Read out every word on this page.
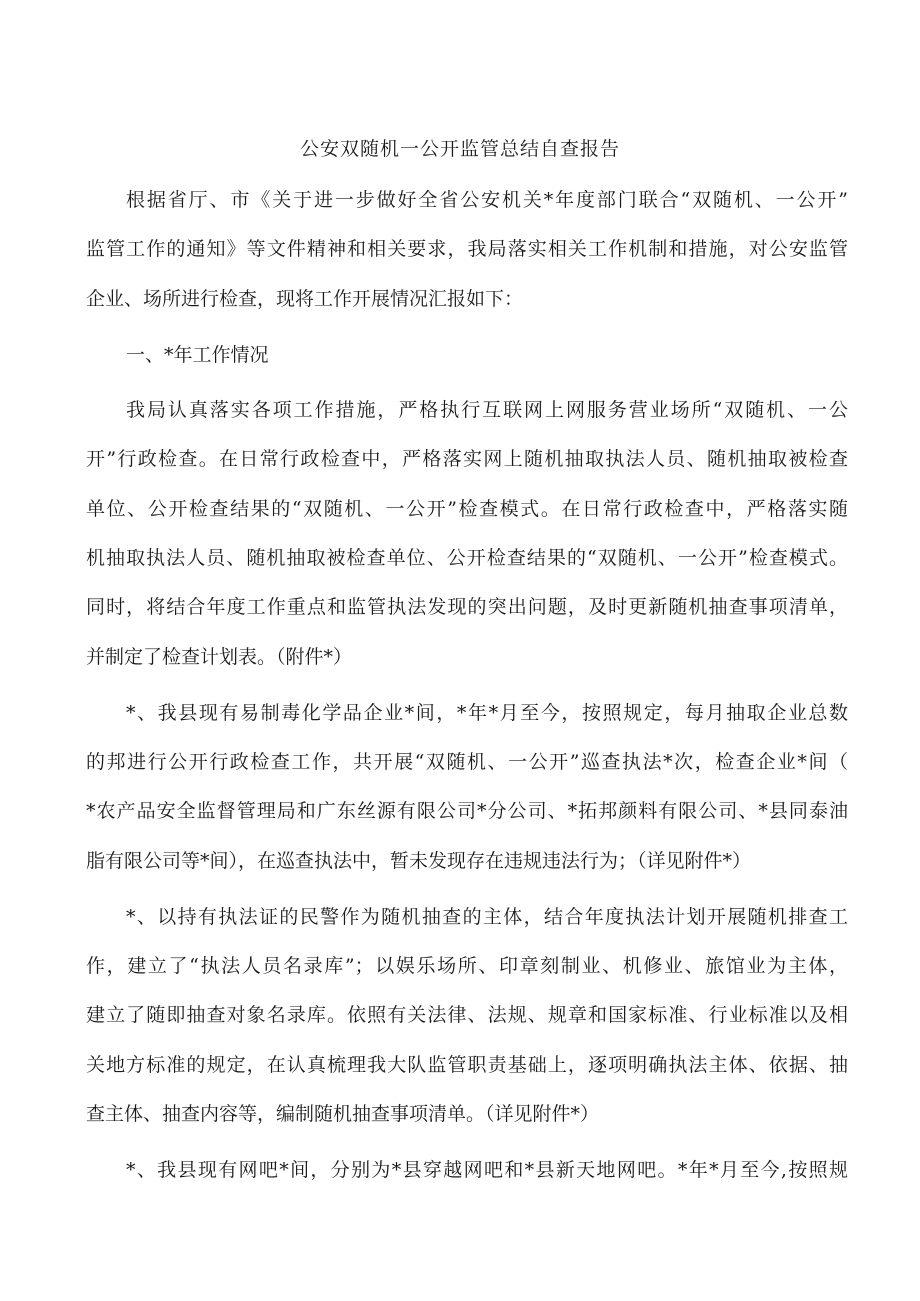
公安双随机一公开监管总结自查报告
根据省厅、市《关于进一步做好全省公安机关*年度部门联合“双随机、一公开”
监管工作的通知》等文件精神和相关要求，我局落实相关工作机制和措施，对公安监管
企业、场所进行检查，现将工作开展情况汇报如下：
一、*年工作情况
我局认真落实各项工作措施，严格执行互联网上网服务营业场所“双随机、一公
开”行政检查。在日常行政检查中，严格落实网上随机抽取执法人员、随机抽取被检查
单位、公开检查结果的“双随机、一公开”检查模式。在日常行政检查中，严格落实随
机抽取执法人员、随机抽取被检查单位、公开检查结果的“双随机、一公开”检查模式。
同时，将结合年度工作重点和监管执法发现的突出问题，及时更新随机抽查事项清单，
并制定了检查计划表。（附件*）
*、我县现有易制毒化学品企业*间，*年*月至今，按照规定，每月抽取企业总数
的邦进行公开行政检查工作，共开展“双随机、一公开”巡查执法*次，检查企业*间（
*农产品安全监督管理局和广东丝源有限公司*分公司、*拓邦颜料有限公司、*县同泰油
脂有限公司等*间），在巡查执法中，暂未发现存在违规违法行为；（详见附件*）
*、以持有执法证的民警作为随机抽查的主体，结合年度执法计划开展随机排查工
作，建立了“执法人员名录库”；以娱乐场所、印章刻制业、机修业、旅馆业为主体，
建立了随即抽查对象名录库。依照有关法律、法规、规章和国家标准、行业标准以及相
关地方标准的规定，在认真梳理我大队监管职责基础上，逐项明确执法主体、依据、抽
查主体、抽查内容等，编制随机抽查事项清单。（详见附件*）
*、我县现有网吧*间，分别为*县穿越网吧和*县新天地网吧。*年*月至今,按照规
